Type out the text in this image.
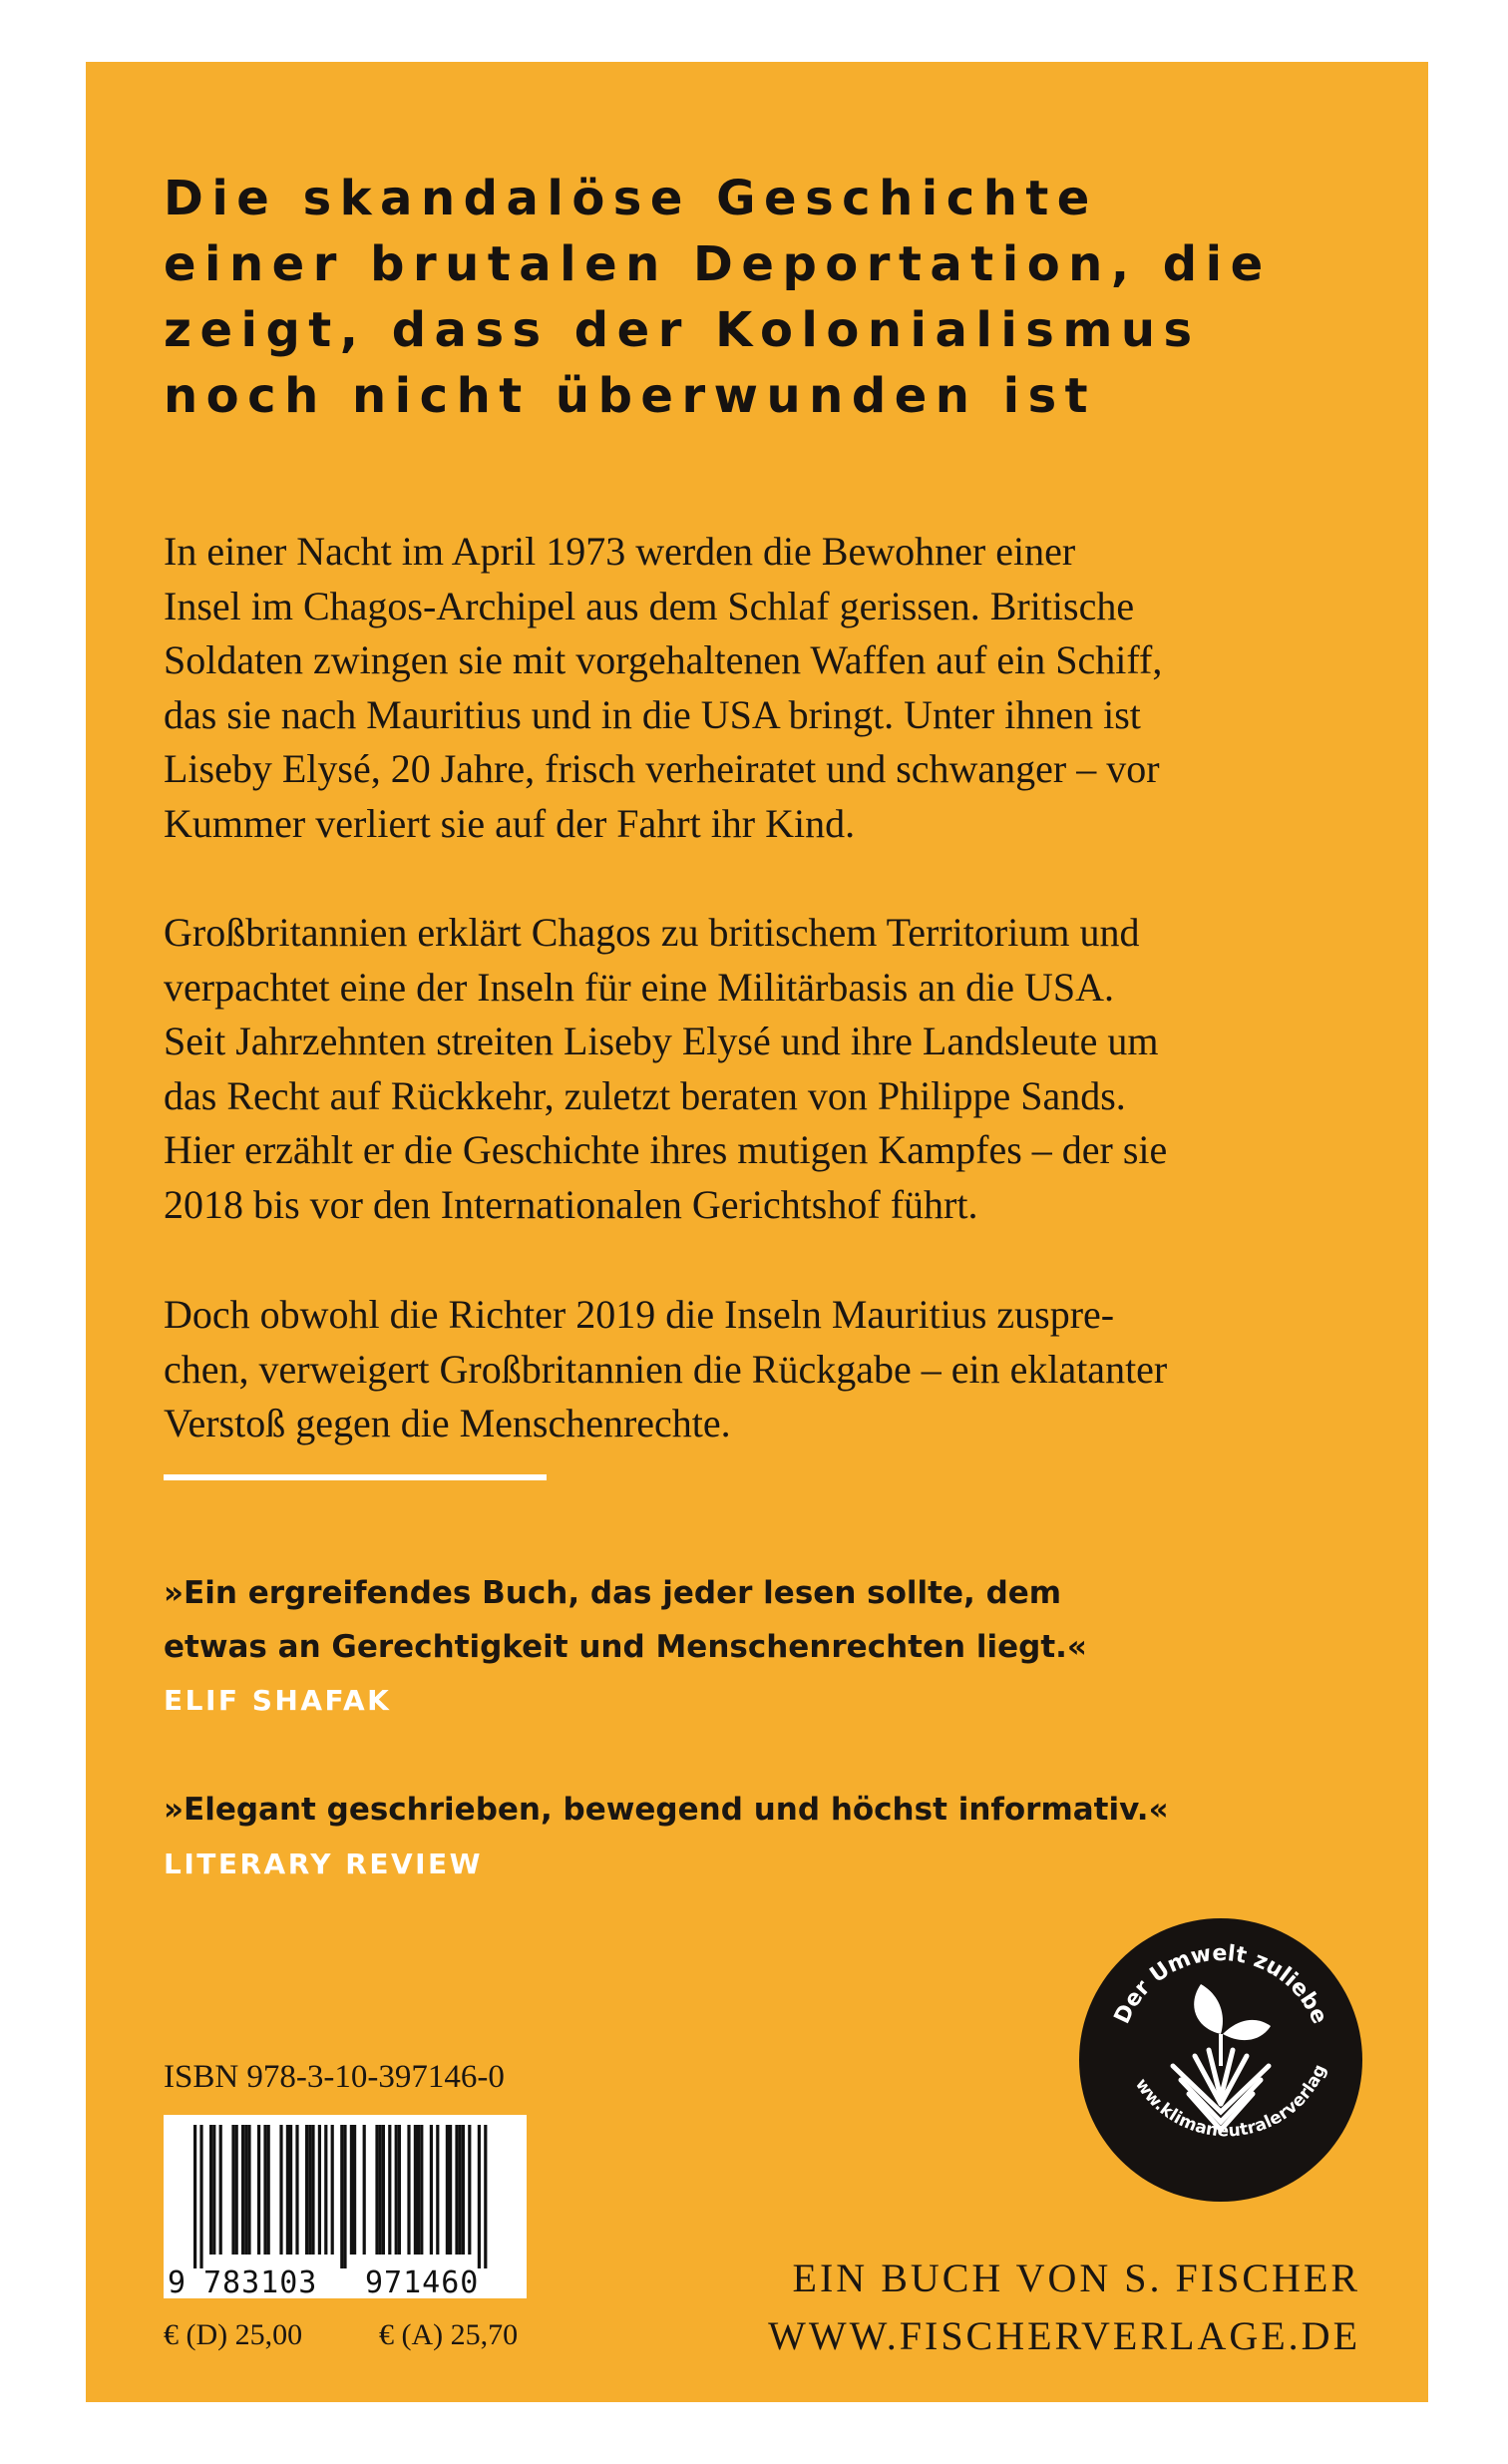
Die skandalöse Geschichte
einer brutalen Deportation, die
zeigt, dass der Kolonialismus
noch nicht überwunden ist

In einer Nacht im April 1973 werden die Bewohner einer
Insel im Chagos-Archipel aus dem Schlaf gerissen. Britische
Soldaten zwingen sie mit vorgehaltenen Waffen auf ein Schiff,
das sie nach Mauritius und in die USA bringt. Unter ihnen ist
Liseby Elysé, 20 Jahre, frisch verheiratet und schwanger – vor
Kummer verliert sie auf der Fahrt ihr Kind.

Großbritannien erklärt Chagos zu britischem Territorium und
verpachtet eine der Inseln für eine Militärbasis an die USA.
Seit Jahrzehnten streiten Liseby Elysé und ihre Landsleute um
das Recht auf Rückkehr, zuletzt beraten von Philippe Sands.
Hier erzählt er die Geschichte ihres mutigen Kampfes – der sie
2018 bis vor den Internationalen Gerichtshof führt.

Doch obwohl die Richter 2019 die Inseln Mauritius zuspre-
chen, verweigert Großbritannien die Rückgabe – ein eklatanter
Verstoß gegen die Menschenrechte.

»Ein ergreifendes Buch, das jeder lesen sollte, dem
etwas an Gerechtigkeit und Menschenrechten liegt.«

ELIF SHAFAK

»Elegant geschrieben, bewegend und höchst informativ.«

LITERARY REVIEW
ISBN 978-3-10-397146-0
9 783103 971460
€ (D) 25,00	€ (A) 25,70
Der Umwelt zuliebe
ww.klimaneutralerverlag
EIN BUCH VON S. FISCHER
WWW.FISCHERVERLAGE.DE
